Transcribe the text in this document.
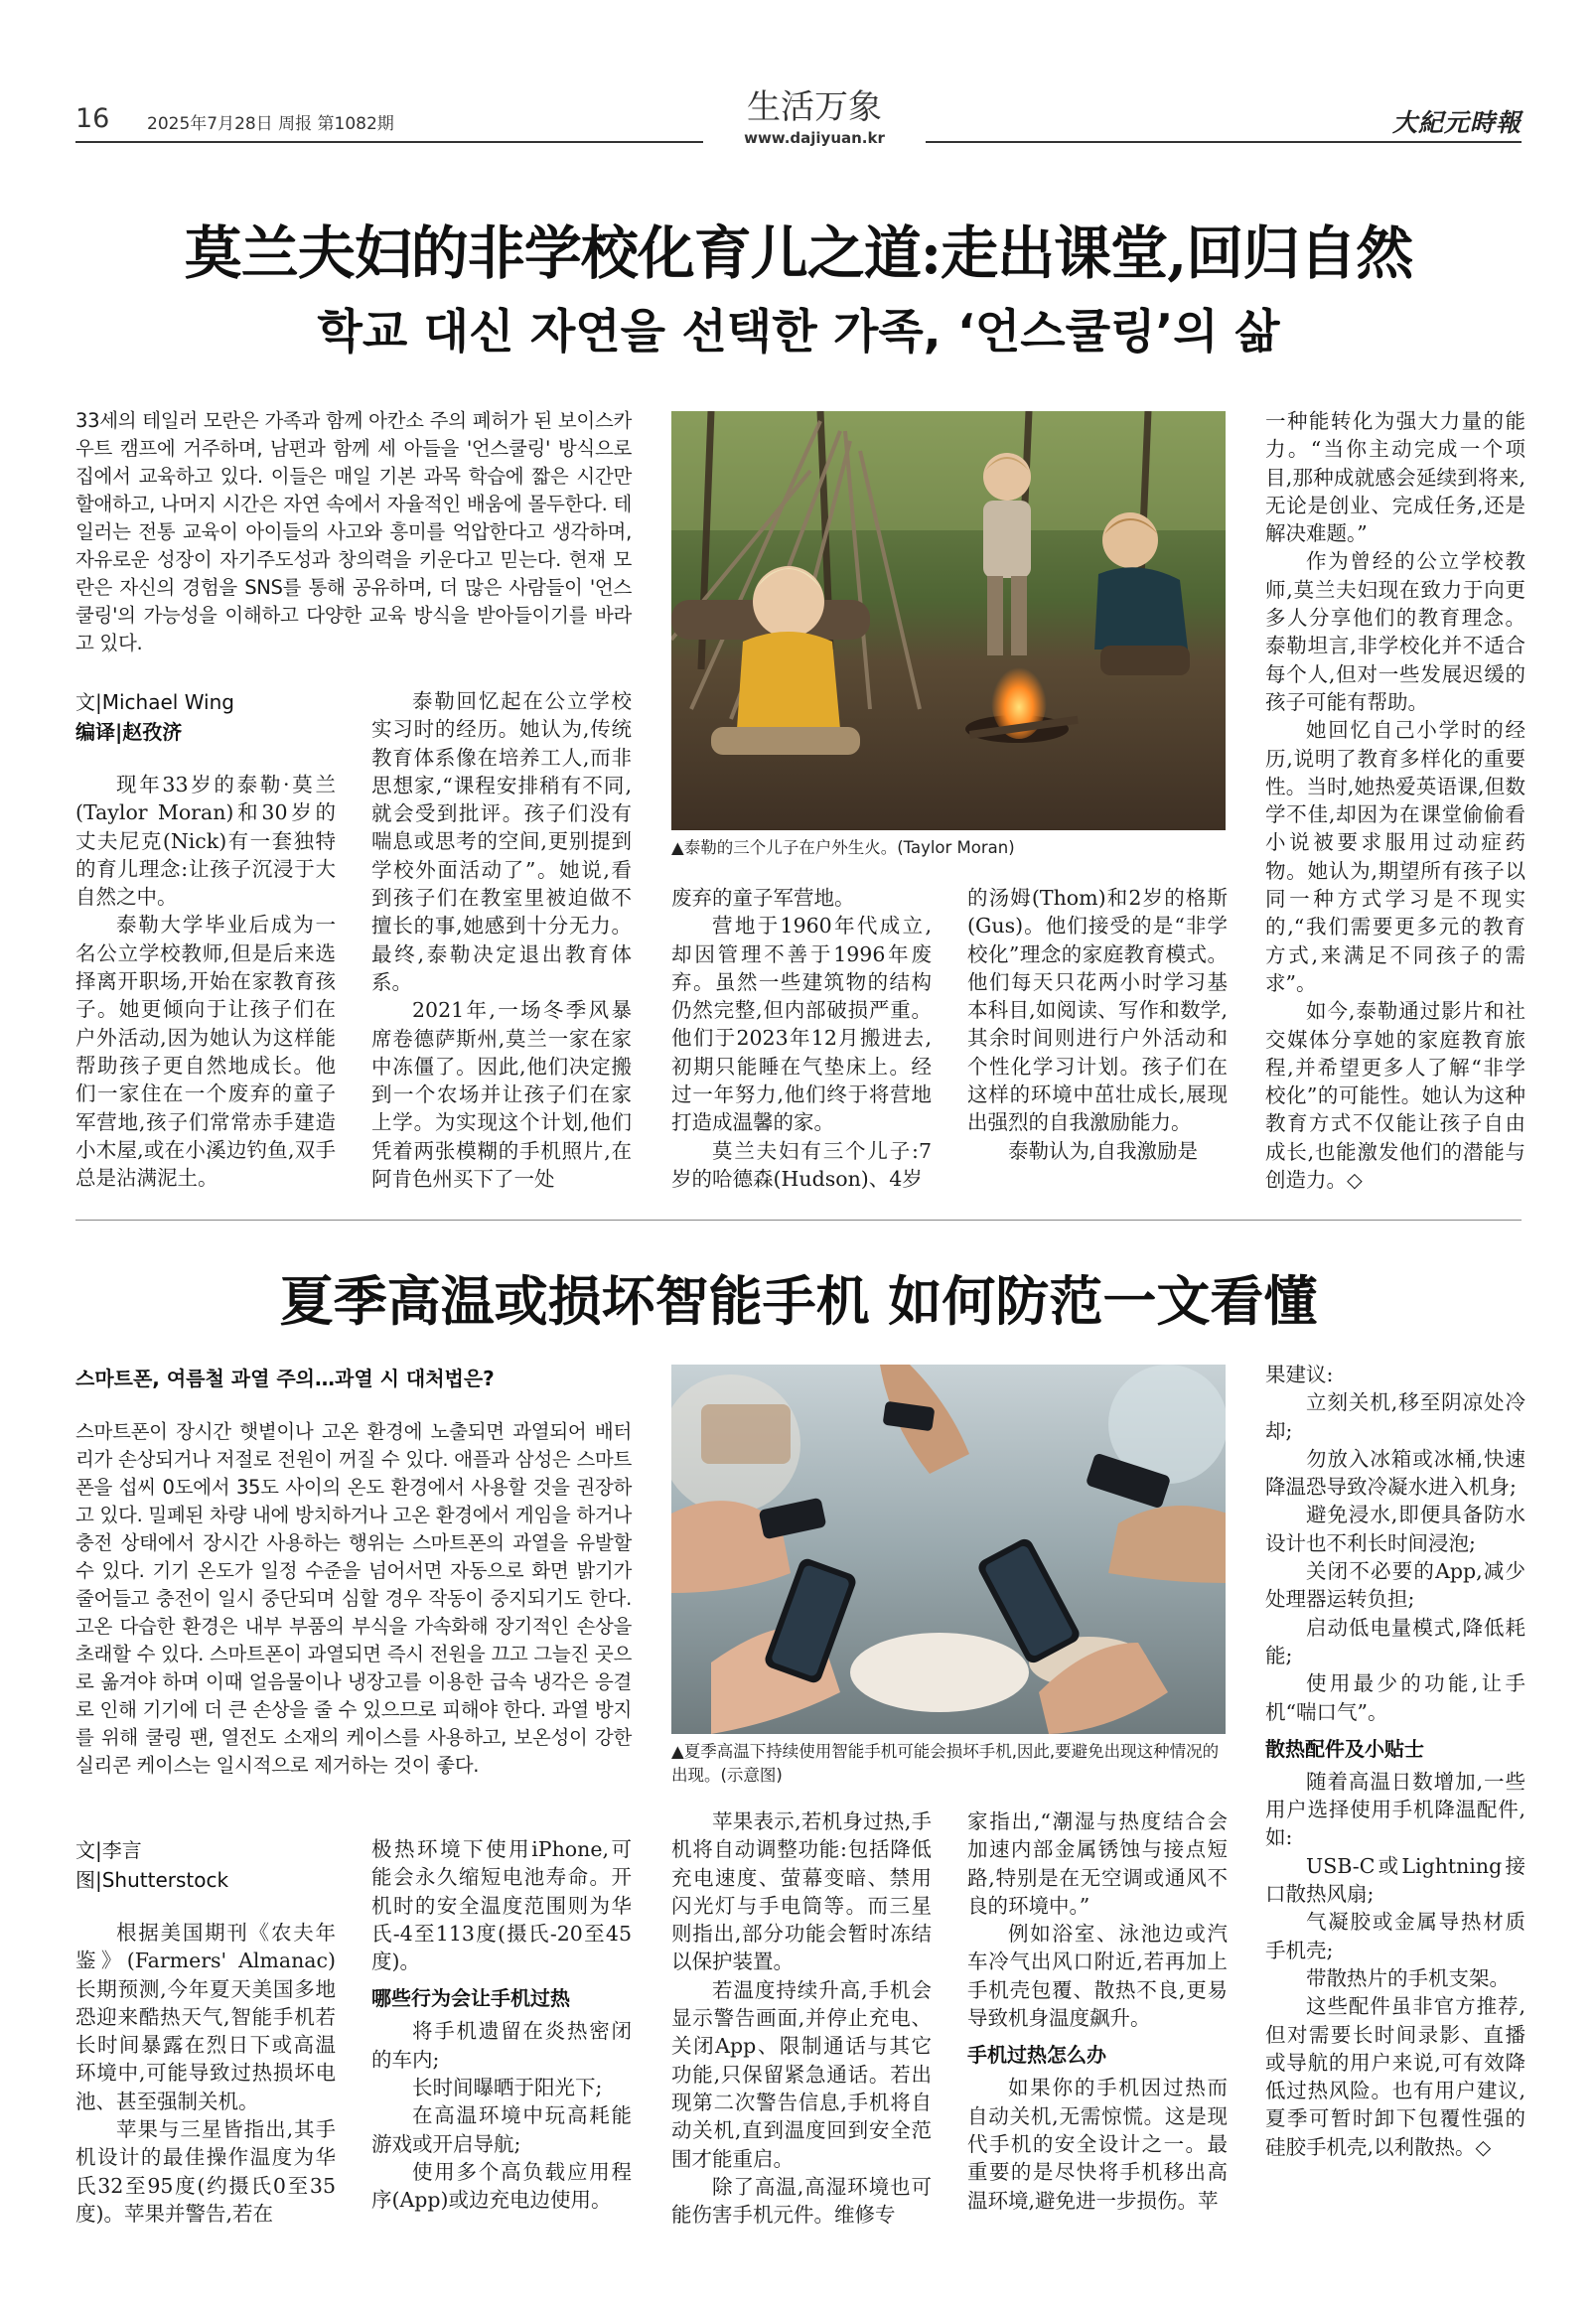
16 2025年7月28日 周报 第1082期	生活万象
www.dajiyuan.kr
大紀元時報
莫兰夫妇的非学校化育儿之道:走出课堂,回归自然
학교 대신 자연을 선택한 가족, ‘언스쿨링’의 삶
33세의 테일러 모란은 가족과 함께 아칸소 주의 폐허가 된 보이스카우트 캠프에 거주하며, 남편과 함께 세 아들을 '언스쿨링' 방식으로 집에서 교육하고 있다. 이들은 매일 기본 과목 학습에 짧은 시간만 할애하고, 나머지 시간은 자연 속에서 자율적인 배움에 몰두한다. 테일러는 전통 교육이 아이들의 사고와 흥미를 억압한다고 생각하며, 자유로운 성장이 자기주도성과 창의력을 키운다고 믿는다. 현재 모란은 자신의 경험을 SNS를 통해 공유하며, 더 많은 사람들이 '언스쿨링'의 가능성을 이해하고 다양한 교육 방식을 받아들이기를 바라고 있다.
文|Michael Wing
编译|赵孜济
现年33岁的泰勒·莫兰(Taylor Moran)和30岁的丈夫尼克(Nick)有一套独特的育儿理念:让孩子沉浸于大自然之中。
泰勒大学毕业后成为一名公立学校教师,但是后来选择离开职场,开始在家教育孩子。她更倾向于让孩子们在户外活动,因为她认为这样能帮助孩子更自然地成长。他们一家住在一个废弃的童子军营地,孩子们常常赤手建造小木屋,或在小溪边钓鱼,双手总是沾满泥土。
泰勒回忆起在公立学校实习时的经历。她认为,传统教育体系像在培养工人,而非思想家,“课程安排稍有不同,就会受到批评。孩子们没有喘息或思考的空间,更别提到学校外面活动了”。她说,看到孩子们在教室里被迫做不擅长的事,她感到十分无力。最终,泰勒决定退出教育体系。
2021年,一场冬季风暴席卷德萨斯州,莫兰一家在家中冻僵了。因此,他们决定搬到一个农场并让孩子们在家上学。为实现这个计划,他们凭着两张模糊的手机照片,在阿肯色州买下了一处
▲泰勒的三个儿子在户外生火。(Taylor Moran)
废弃的童子军营地。
营地于1960年代成立,却因管理不善于1996年废弃。虽然一些建筑物的结构仍然完整,但内部破损严重。他们于2023年12月搬进去,初期只能睡在气垫床上。经过一年努力,他们终于将营地打造成温馨的家。
莫兰夫妇有三个儿子:7岁的哈德森(Hudson)、4岁
的汤姆(Thom)和2岁的格斯(Gus)。他们接受的是“非学校化”理念的家庭教育模式。他们每天只花两小时学习基本科目,如阅读、写作和数学,其余时间则进行户外活动和个性化学习计划。孩子们在这样的环境中茁壮成长,展现出强烈的自我激励能力。
泰勒认为,自我激励是
一种能转化为强大力量的能力。“当你主动完成一个项目,那种成就感会延续到将来,无论是创业、完成任务,还是解决难题。”
作为曾经的公立学校教师,莫兰夫妇现在致力于向更多人分享他们的教育理念。泰勒坦言,非学校化并不适合每个人,但对一些发展迟缓的孩子可能有帮助。
她回忆自己小学时的经历,说明了教育多样化的重要性。当时,她热爱英语课,但数学不佳,却因为在课堂偷偷看小说被要求服用过动症药物。她认为,期望所有孩子以同一种方式学习是不现实的,“我们需要更多元的教育方式,来满足不同孩子的需求”。
如今,泰勒通过影片和社交媒体分享她的家庭教育旅程,并希望更多人了解“非学校化”的可能性。她认为这种教育方式不仅能让孩子自由成长,也能激发他们的潜能与创造力。◇
夏季高温或损坏智能手机 如何防范一文看懂
스마트폰, 여름철 과열 주의…과열 시 대처법은?
스마트폰이 장시간 햇볕이나 고온 환경에 노출되면 과열되어 배터리가 손상되거나 저절로 전원이 꺼질 수 있다. 애플과 삼성은 스마트폰을 섭씨 0도에서 35도 사이의 온도 환경에서 사용할 것을 권장하고 있다. 밀폐된 차량 내에 방치하거나 고온 환경에서 게임을 하거나 충전 상태에서 장시간 사용하는 행위는 스마트폰의 과열을 유발할 수 있다. 기기 온도가 일정 수준을 넘어서면 자동으로 화면 밝기가 줄어들고 충전이 일시 중단되며 심할 경우 작동이 중지되기도 한다. 고온 다습한 환경은 내부 부품의 부식을 가속화해 장기적인 손상을 초래할 수 있다. 스마트폰이 과열되면 즉시 전원을 끄고 그늘진 곳으로 옮겨야 하며 이때 얼음물이나 냉장고를 이용한 급속 냉각은 응결로 인해 기기에 더 큰 손상을 줄 수 있으므로 피해야 한다. 과열 방지를 위해 쿨링 팬, 열전도 소재의 케이스를 사용하고, 보온성이 강한 실리콘 케이스는 일시적으로 제거하는 것이 좋다.
文|李言
图|Shutterstock
根据美国期刊《农夫年鉴》(Farmers' Almanac)长期预测,今年夏天美国多地恐迎来酷热天气,智能手机若长时间暴露在烈日下或高温环境中,可能导致过热损坏电池、甚至强制关机。
苹果与三星皆指出,其手机设计的最佳操作温度为华氏32至95度(约摄氏0至35度)。苹果并警告,若在
极热环境下使用iPhone,可能会永久缩短电池寿命。开机时的安全温度范围则为华氏-4至113度(摄氏-20至45度)。
哪些行为会让手机过热
将手机遗留在炎热密闭的车内;
长时间曝晒于阳光下;
在高温环境中玩高耗能游戏或开启导航;
使用多个高负载应用程序(App)或边充电边使用。
▲夏季高温下持续使用智能手机可能会损坏手机,因此,要避免出现这种情况的出现。(示意图)
苹果表示,若机身过热,手机将自动调整功能:包括降低充电速度、萤幕变暗、禁用闪光灯与手电筒等。而三星则指出,部分功能会暂时冻结以保护装置。
若温度持续升高,手机会显示警告画面,并停止充电、关闭App、限制通话与其它功能,只保留紧急通话。若出现第二次警告信息,手机将自动关机,直到温度回到安全范围才能重启。
除了高温,高湿环境也可能伤害手机元件。维修专
家指出,“潮湿与热度结合会加速内部金属锈蚀与接点短路,特别是在无空调或通风不良的环境中。”
例如浴室、泳池边或汽车冷气出风口附近,若再加上手机壳包覆、散热不良,更易导致机身温度飙升。
手机过热怎么办
如果你的手机因过热而自动关机,无需惊慌。这是现代手机的安全设计之一。最重要的是尽快将手机移出高温环境,避免进一步损伤。苹
果建议:
立刻关机,移至阴凉处冷却;
勿放入冰箱或冰桶,快速降温恐导致冷凝水进入机身;
避免浸水,即便具备防水设计也不利长时间浸泡;
关闭不必要的App,减少处理器运转负担;
启动低电量模式,降低耗能;
使用最少的功能,让手机“喘口气”。
散热配件及小贴士
随着高温日数增加,一些用户选择使用手机降温配件,如:
USB-C或Lightning接口散热风扇;
气凝胶或金属导热材质手机壳;
带散热片的手机支架。
这些配件虽非官方推荐,但对需要长时间录影、直播或导航的用户来说,可有效降低过热风险。也有用户建议,夏季可暂时卸下包覆性强的硅胶手机壳,以利散热。◇
